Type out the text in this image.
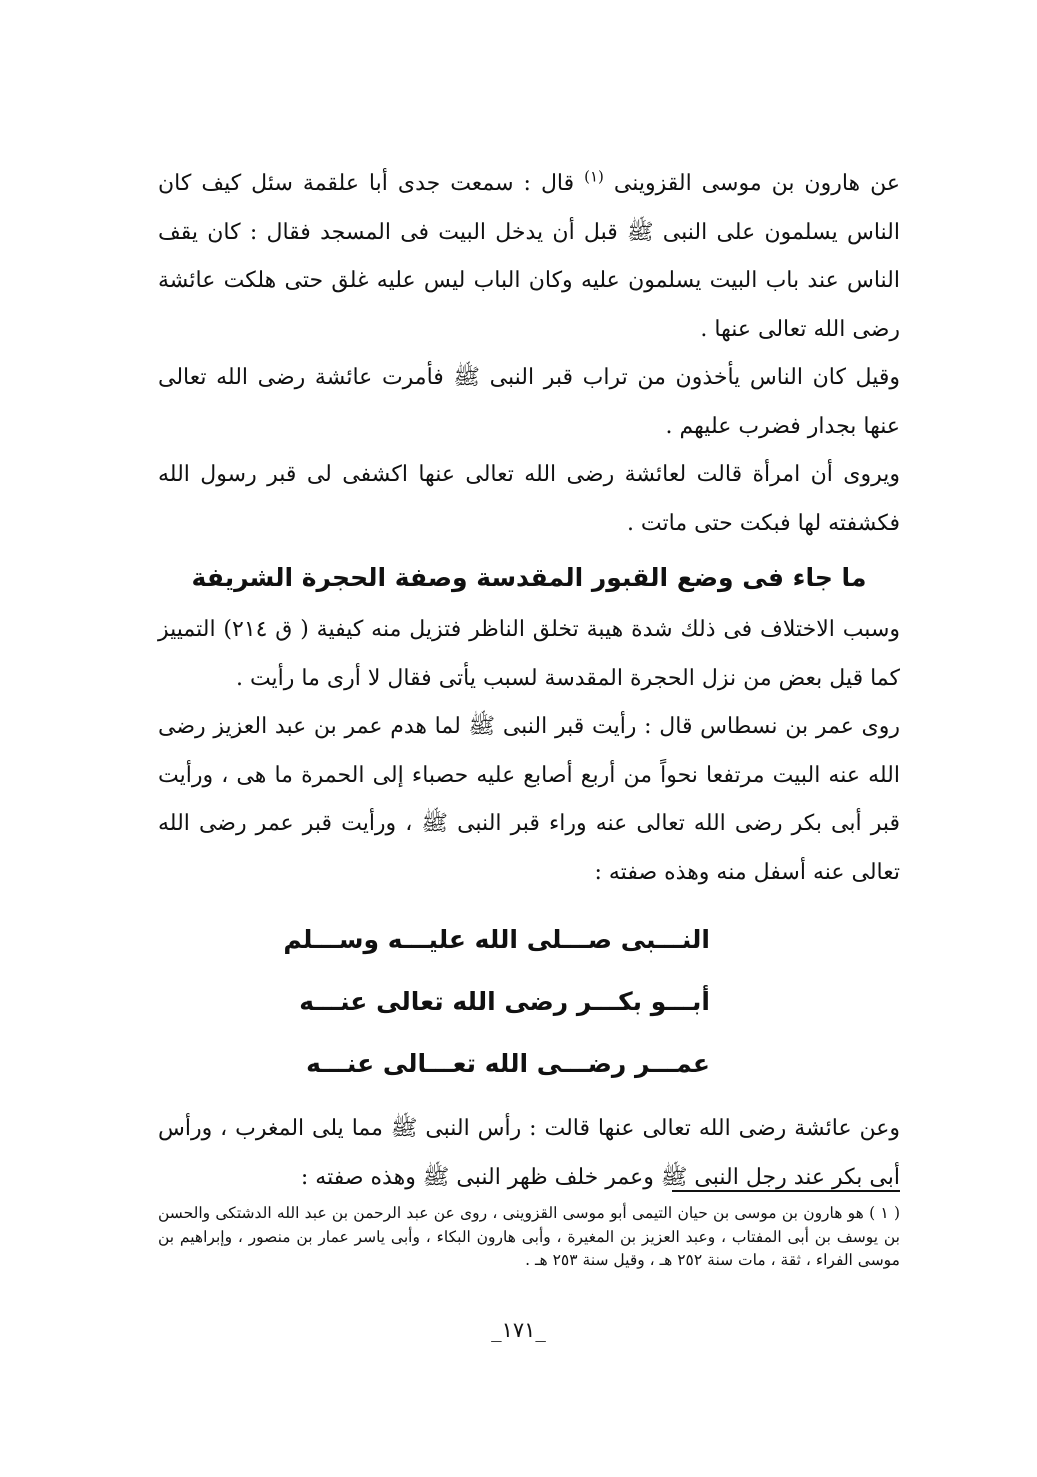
عن هارون بن موسى القزوينى $^{(١)}$ قال : سمعت جدى أبا علقمة سئل كيف كان الناس يسلمون على النبى ﷺ قبل أن يدخل البيت فى المسجد فقال : كان يقف الناس عند باب البيت يسلمون عليه وكان الباب ليس عليه غلق حتى هلكت عائشة رضى الله تعالى عنها .

وقيل كان الناس يأخذون من تراب قبر النبى ﷺ فأمرت عائشة رضى الله تعالى عنها بجدار فضرب عليهم .

ويروى أن امرأة قالت لعائشة رضى الله تعالى عنها اكشفى لى قبر رسول الله فكشفته لها فبكت حتى ماتت .

ما جاء فى وضع القبور المقدسة وصفة الحجرة الشريفة

وسبب الاختلاف فى ذلك شدة هيبة تخلق الناظر فتزيل منه كيفية ( ق ٢١٤) التمييز كما قيل بعض من نزل الحجرة المقدسة لسبب يأتى فقال لا أرى ما رأيت .

روى عمر بن نسطاس قال : رأيت قبر النبى ﷺ لما هدم عمر بن عبد العزيز رضى الله عنه البيت مرتفعا نحواً من أربع أصابع عليه حصباء إلى الحمرة ما هى ، ورأيت قبر أبى بكر رضى الله تعالى عنه وراء قبر النبى ﷺ ، ورأيت قبر عمر رضى الله تعالى عنه أسفل منه وهذه صفته :

النـــبى صـــلى الله عليـــه وســـلم

أبـــو بكـــر رضى الله تعالى عنـــه

عمـــر رضـــى الله تعـــالى عنـــه

وعن عائشة رضى الله تعالى عنها قالت : رأس النبى ﷺ مما يلى المغرب ، ورأس أبى بكر عند رجل النبى ﷺ وعمر خلف ظهر النبى ﷺ وهذه صفته :

( ١ ) هو هارون بن موسى بن حيان التيمى أبو موسى القزوينى ، روى عن عبد الرحمن بن عبد الله الدشتكى والحسن بن يوسف بن أبى المفتاب ، وعبد العزيز بن المغيرة ، وأبى هارون البكاء ، وأبى ياسر عمار بن منصور ، وإبراهيم بن موسى الفراء ، ثقة ، مات سنة ٢٥٢ هـ ، وقيل سنة ٢٥٣ هـ .
_١٧١_
